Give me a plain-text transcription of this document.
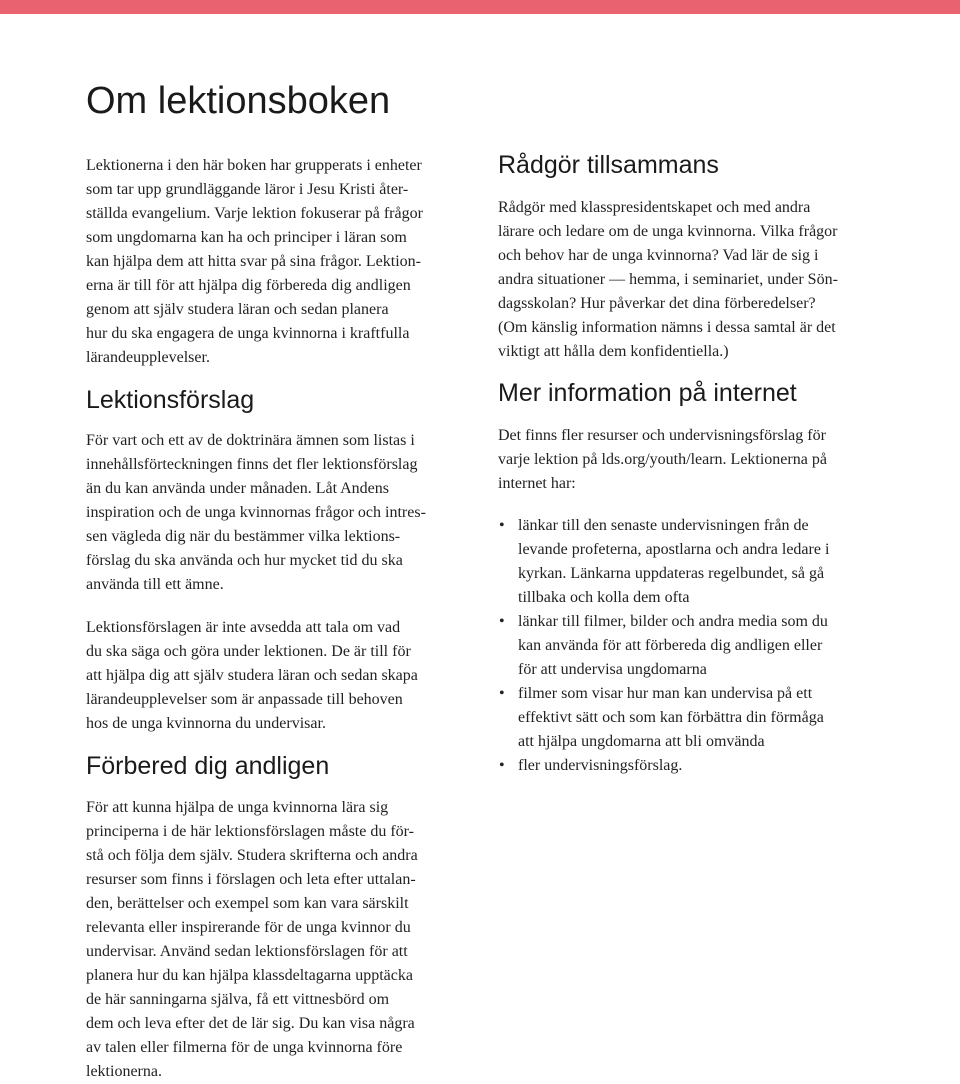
Om lektionsboken

Lektionerna i den här boken har grupperats i enheter
som tar upp grundläggande läror i Jesu Kristi åter-
ställda evangelium. Varje lektion fokuserar på frågor
som ungdomarna kan ha och principer i läran som
kan hjälpa dem att hitta svar på sina frågor. Lektion-
erna är till för att hjälpa dig förbereda dig andligen
genom att själv studera läran och sedan planera
hur du ska engagera de unga kvinnorna i kraftfulla
lärandeupplevelser.

Lektionsförslag

För vart och ett av de doktrinära ämnen som listas i
innehållsförteckningen finns det fler lektionsförslag
än du kan använda under månaden. Låt Andens
inspiration och de unga kvinnornas frågor och intres-
sen vägleda dig när du bestämmer vilka lektions-
förslag du ska använda och hur mycket tid du ska
använda till ett ämne.

Lektionsförslagen är inte avsedda att tala om vad
du ska säga och göra under lektionen. De är till för
att hjälpa dig att själv studera läran och sedan skapa
lärandeupplevelser som är anpassade till behoven
hos de unga kvinnorna du undervisar.

Förbered dig andligen

För att kunna hjälpa de unga kvinnorna lära sig
principerna i de här lektionsförslagen måste du för-
stå och följa dem själv. Studera skrifterna och andra
resurser som finns i förslagen och leta efter uttalan-
den, berättelser och exempel som kan vara särskilt
relevanta eller inspirerande för de unga kvinnor du
undervisar. Använd sedan lektionsförslagen för att
planera hur du kan hjälpa klassdeltagarna upptäcka
de här sanningarna själva, få ett vittnesbörd om
dem och leva efter det de lär sig. Du kan visa några
av talen eller filmerna för de unga kvinnorna före
lektionerna.

Rådgör tillsammans

Rådgör med klasspresidentskapet och med andra
lärare och ledare om de unga kvinnorna. Vilka frågor
och behov har de unga kvinnorna? Vad lär de sig i
andra situationer — hemma, i seminariet, under Sön-
dagsskolan? Hur påverkar det dina förberedelser?
(Om känslig information nämns i dessa samtal är det
viktigt att hålla dem konfidentiella.)

Mer information på internet

Det finns fler resurser och undervisningsförslag för
varje lektion på lds.org/youth/learn. Lektionerna på
internet har:

• länkar till den senaste undervisningen från de
levande profeterna, apostlarna och andra ledare i
kyrkan. Länkarna uppdateras regelbundet, så gå
tillbaka och kolla dem ofta
• länkar till filmer, bilder och andra media som du
kan använda för att förbereda dig andligen eller
för att undervisa ungdomarna
• filmer som visar hur man kan undervisa på ett
effektivt sätt och som kan förbättra din förmåga
att hjälpa ungdomarna att bli omvända
• fler undervisningsförslag.
